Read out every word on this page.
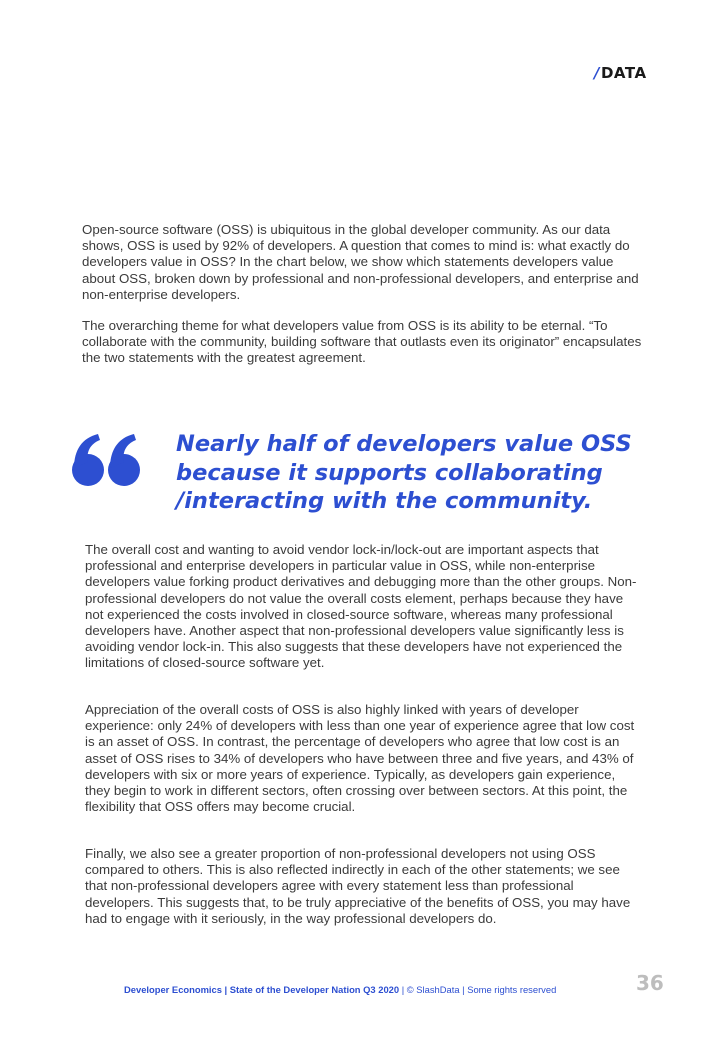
/DATA

Open-source software (OSS) is ubiquitous in the global developer community. As our data shows, OSS is used by 92% of developers. A question that comes to mind is: what exactly do developers value in OSS? In the chart below, we show which statements developers value about OSS, broken down by professional and non-professional developers, and enterprise and non-enterprise developers.

The overarching theme for what developers value from OSS is its ability to be eternal. “To collaborate with the community, building software that outlasts even its originator” encapsulates the two statements with the greatest agreement.

Nearly half of developers value OSS because it supports collaborating /interacting with the community.

The overall cost and wanting to avoid vendor lock-in/lock-out are important aspects that professional and enterprise developers in particular value in OSS, while non-enterprise developers value forking product derivatives and debugging more than the other groups. Non-professional developers do not value the overall costs element, perhaps because they have not experienced the costs involved in closed-source software, whereas many professional developers have. Another aspect that non-professional developers value significantly less is avoiding vendor lock-in. This also suggests that these developers have not experienced the limitations of closed-source software yet.

Appreciation of the overall costs of OSS is also highly linked with years of developer experience: only 24% of developers with less than one year of experience agree that low cost is an asset of OSS. In contrast, the percentage of developers who agree that low cost is an asset of OSS rises to 34% of developers who have between three and five years, and 43% of developers with six or more years of experience. Typically, as developers gain experience, they begin to work in different sectors, often crossing over between sectors. At this point, the flexibility that OSS offers may become crucial.

Finally, we also see a greater proportion of non-professional developers not using OSS compared to others. This is also reflected indirectly in each of the other statements; we see that non-professional developers agree with every statement less than professional developers. This suggests that, to be truly appreciative of the benefits of OSS, you may have had to engage with it seriously, in the way professional developers do.

Developer Economics | State of the Developer Nation Q3 2020 | © SlashData | Some rights reserved	36
